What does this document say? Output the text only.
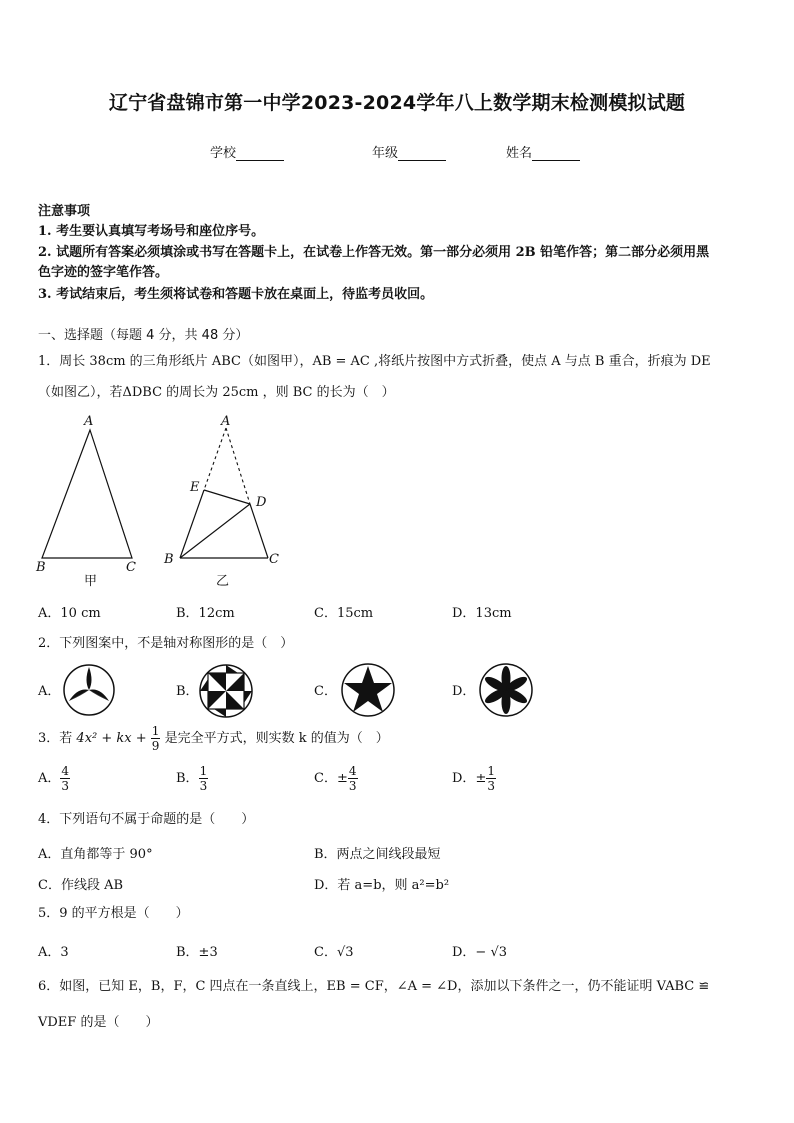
辽宁省盘锦市第一中学2023-2024学年八上数学期末检测模拟试题
学校	年级	姓名
注意事项
1. 考生要认真填写考场号和座位序号。
2. 试题所有答案必须填涂或书写在答题卡上，在试卷上作答无效。第一部分必须用 2B 铅笔作答；第二部分必须用黑
色字迹的签字笔作答。
3. 考试结束后，考生须将试卷和答题卡放在桌面上，待监考员收回。
一、选择题（每题 4 分，共 48 分）
1．周长 38cm 的三角形纸片 ABC（如图甲），AB = AC ,将纸片按图中方式折叠，使点 A 与点 B 重合，折痕为 DE
（如图乙），若ΔDBC 的周长为 25cm ，则 BC 的长为（　）
A
B	C
甲
A
E
D
B	C
乙
A．10 cm	B．12cm	C．15cm	D．13cm
2．下列图案中，不是轴对称图形的是（　）
A．	B．	C．	D．
3．若 4x² + kx + $\frac{1}{9}$ 是完全平方式，则实数 k 的值为（　）
A． $\frac{4}{3}$	B． $\frac{1}{3}$	C．± $\frac{4}{3}$	D．± $\frac{1}{3}$
4．下列语句不属于命题的是（　　）
A．直角都等于 90°	B．两点之间线段最短
C．作线段 AB	D．若 a=b，则 a²=b²
5．9 的平方根是（　　）
A．3	B．±3	C．√3	D．− √3
6．如图，已知 E，B，F，C 四点在一条直线上，EB = CF，∠A = ∠D，添加以下条件之一，仍不能证明 VABC ≌
VDEF 的是（　　）
